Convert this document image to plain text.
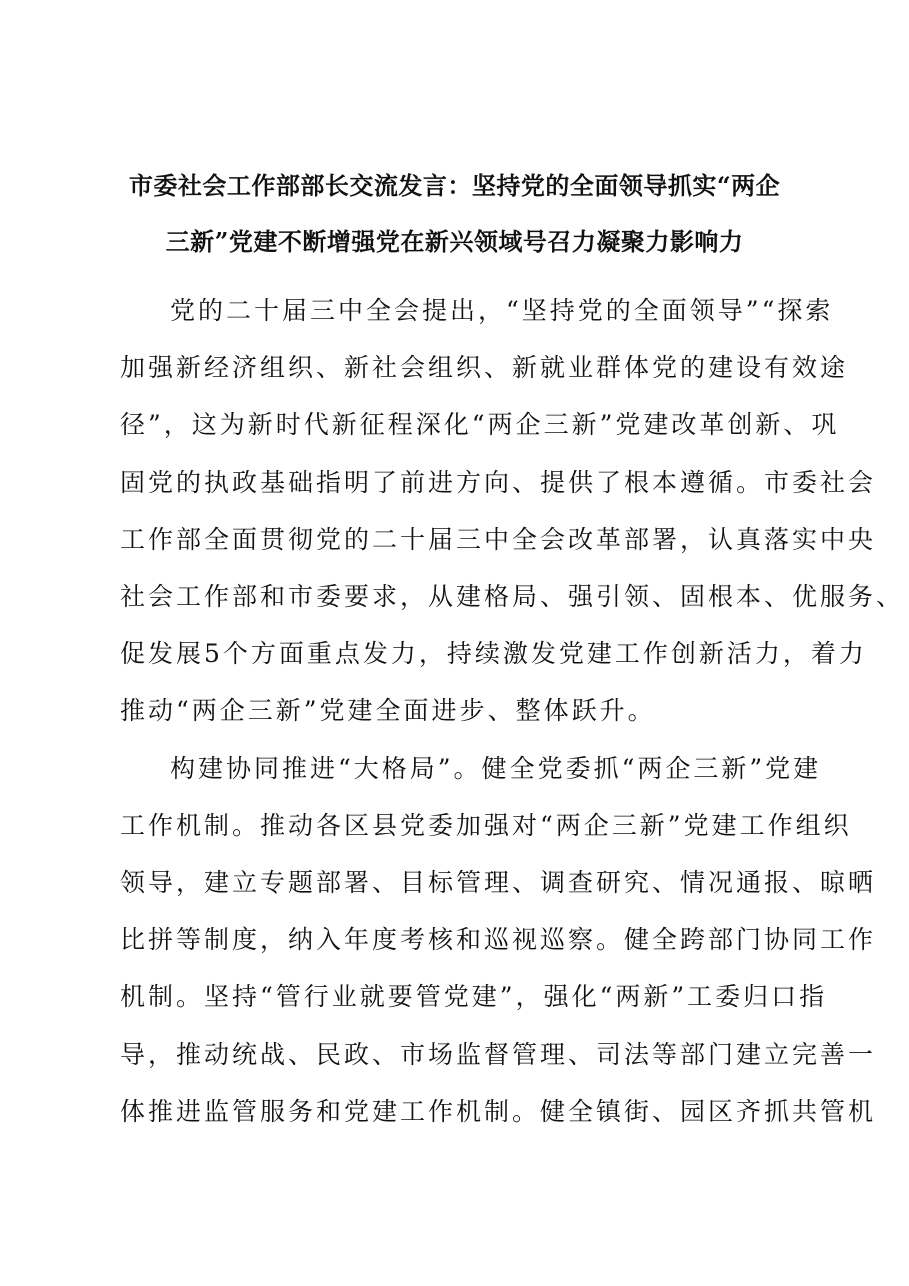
市委社会工作部部长交流发言：坚持党的全面领导抓实“两企
三新”党建不断增强党在新兴领域号召力凝聚力影响力
党的二十届三中全会提出，“坚持党的全面领导”“探索
加强新经济组织、新社会组织、新就业群体党的建设有效途
径”，这为新时代新征程深化“两企三新”党建改革创新、巩
固党的执政基础指明了前进方向、提供了根本遵循。市委社会
工作部全面贯彻党的二十届三中全会改革部署，认真落实中央
社会工作部和市委要求，从建格局、强引领、固根本、优服务、
促发展5个方面重点发力，持续激发党建工作创新活力，着力
推动“两企三新”党建全面进步、整体跃升。
构建协同推进“大格局”。健全党委抓“两企三新”党建
工作机制。推动各区县党委加强对“两企三新”党建工作组织
领导，建立专题部署、目标管理、调查研究、情况通报、晾晒
比拼等制度，纳入年度考核和巡视巡察。健全跨部门协同工作
机制。坚持“管行业就要管党建”，强化“两新”工委归口指
导，推动统战、民政、市场监督管理、司法等部门建立完善一
体推进监管服务和党建工作机制。健全镇街、园区齐抓共管机
